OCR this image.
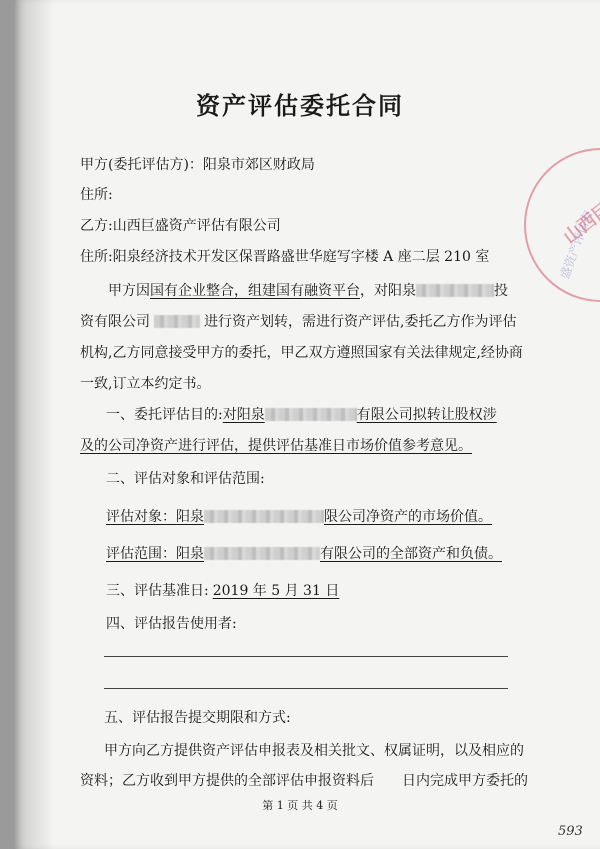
盛资产评估有
资产评估委托合同
甲方(委托评估方)：阳泉市郊区财政局
住所:
乙方:山西巨盛资产评估有限公司
住所:阳泉经济技术开发区保晋路盛世华庭写字楼 A 座二层 210 室
甲方因国有企业整合，组建国有融资平台，对阳泉	投
资有限公司	进行资产划转，需进行资产评估,委托乙方作为评估
机构,乙方同意接受甲方的委托，甲乙双方遵照国家有关法律规定,经协商
一致,订立本约定书。
一、委托评估目的:对阳泉	有限公司拟转让股权涉
及的公司净资产进行评估，提供评估基准日市场价值参考意见。
二、评估对象和评估范围:
评估对象：阳泉	限公司净资产的市场价值。
评估范围：阳泉	有限公司的全部资产和负债。
三、评估基准日: 2019 年 5 月 31 日
四、评估报告使用者:
五、评估报告提交期限和方式:
甲方向乙方提供资产评估申报表及相关批文、权属证明，以及相应的
资料；乙方收到甲方提供的全部评估申报资料后 日内完成甲方委托的
第 1 页 共 4 页
593
